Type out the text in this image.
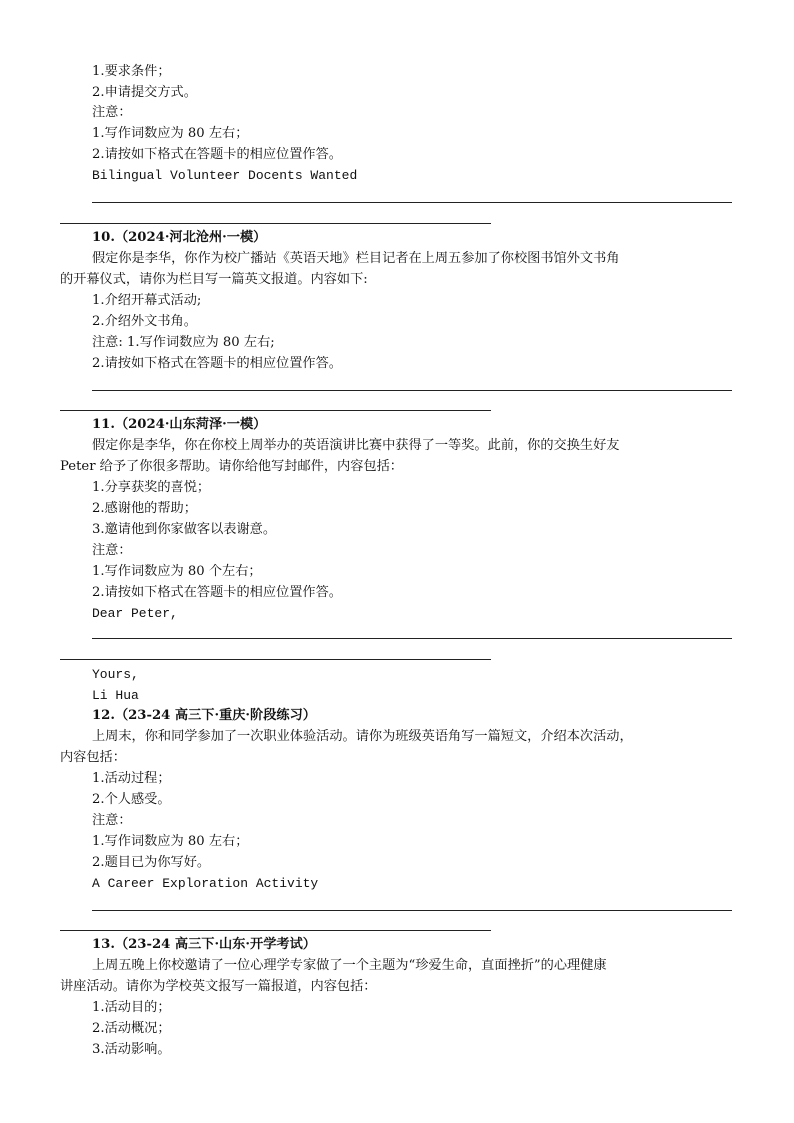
1.要求条件；
2.申请提交方式。
注意：
1.写作词数应为 80 左右；
2.请按如下格式在答题卡的相应位置作答。
Bilingual Volunteer Docents Wanted
10.（2024·河北沧州·一模）
假定你是李华，你作为校广播站《英语天地》栏目记者在上周五参加了你校图书馆外文书角
的开幕仪式，请你为栏目写一篇英文报道。内容如下:
1.介绍开幕式活动;
2.介绍外文书角。
注意: 1.写作词数应为 80 左右;
2.请按如下格式在答题卡的相应位置作答。
11.（2024·山东菏泽·一模）
假定你是李华，你在你校上周举办的英语演讲比赛中获得了一等奖。此前，你的交换生好友
Peter 给予了你很多帮助。请你给他写封邮件，内容包括：
1.分享获奖的喜悦；
2.感谢他的帮助；
3.邀请他到你家做客以表谢意。
注意：
1.写作词数应为 80 个左右；
2.请按如下格式在答题卡的相应位置作答。
Dear Peter,
Yours,
Li Hua
12.（23-24 高三下·重庆·阶段练习）
上周末，你和同学参加了一次职业体验活动。请你为班级英语角写一篇短文，介绍本次活动，
内容包括：
1.活动过程；
2.个人感受。
注意：
1.写作词数应为 80 左右；
2.题目已为你写好。
A Career Exploration Activity
13.（23-24 高三下·山东·开学考试）
上周五晚上你校邀请了一位心理学专家做了一个主题为“珍爱生命，直面挫折”的心理健康
讲座活动。请你为学校英文报写一篇报道，内容包括：
1.活动目的；
2.活动概况；
3.活动影响。
